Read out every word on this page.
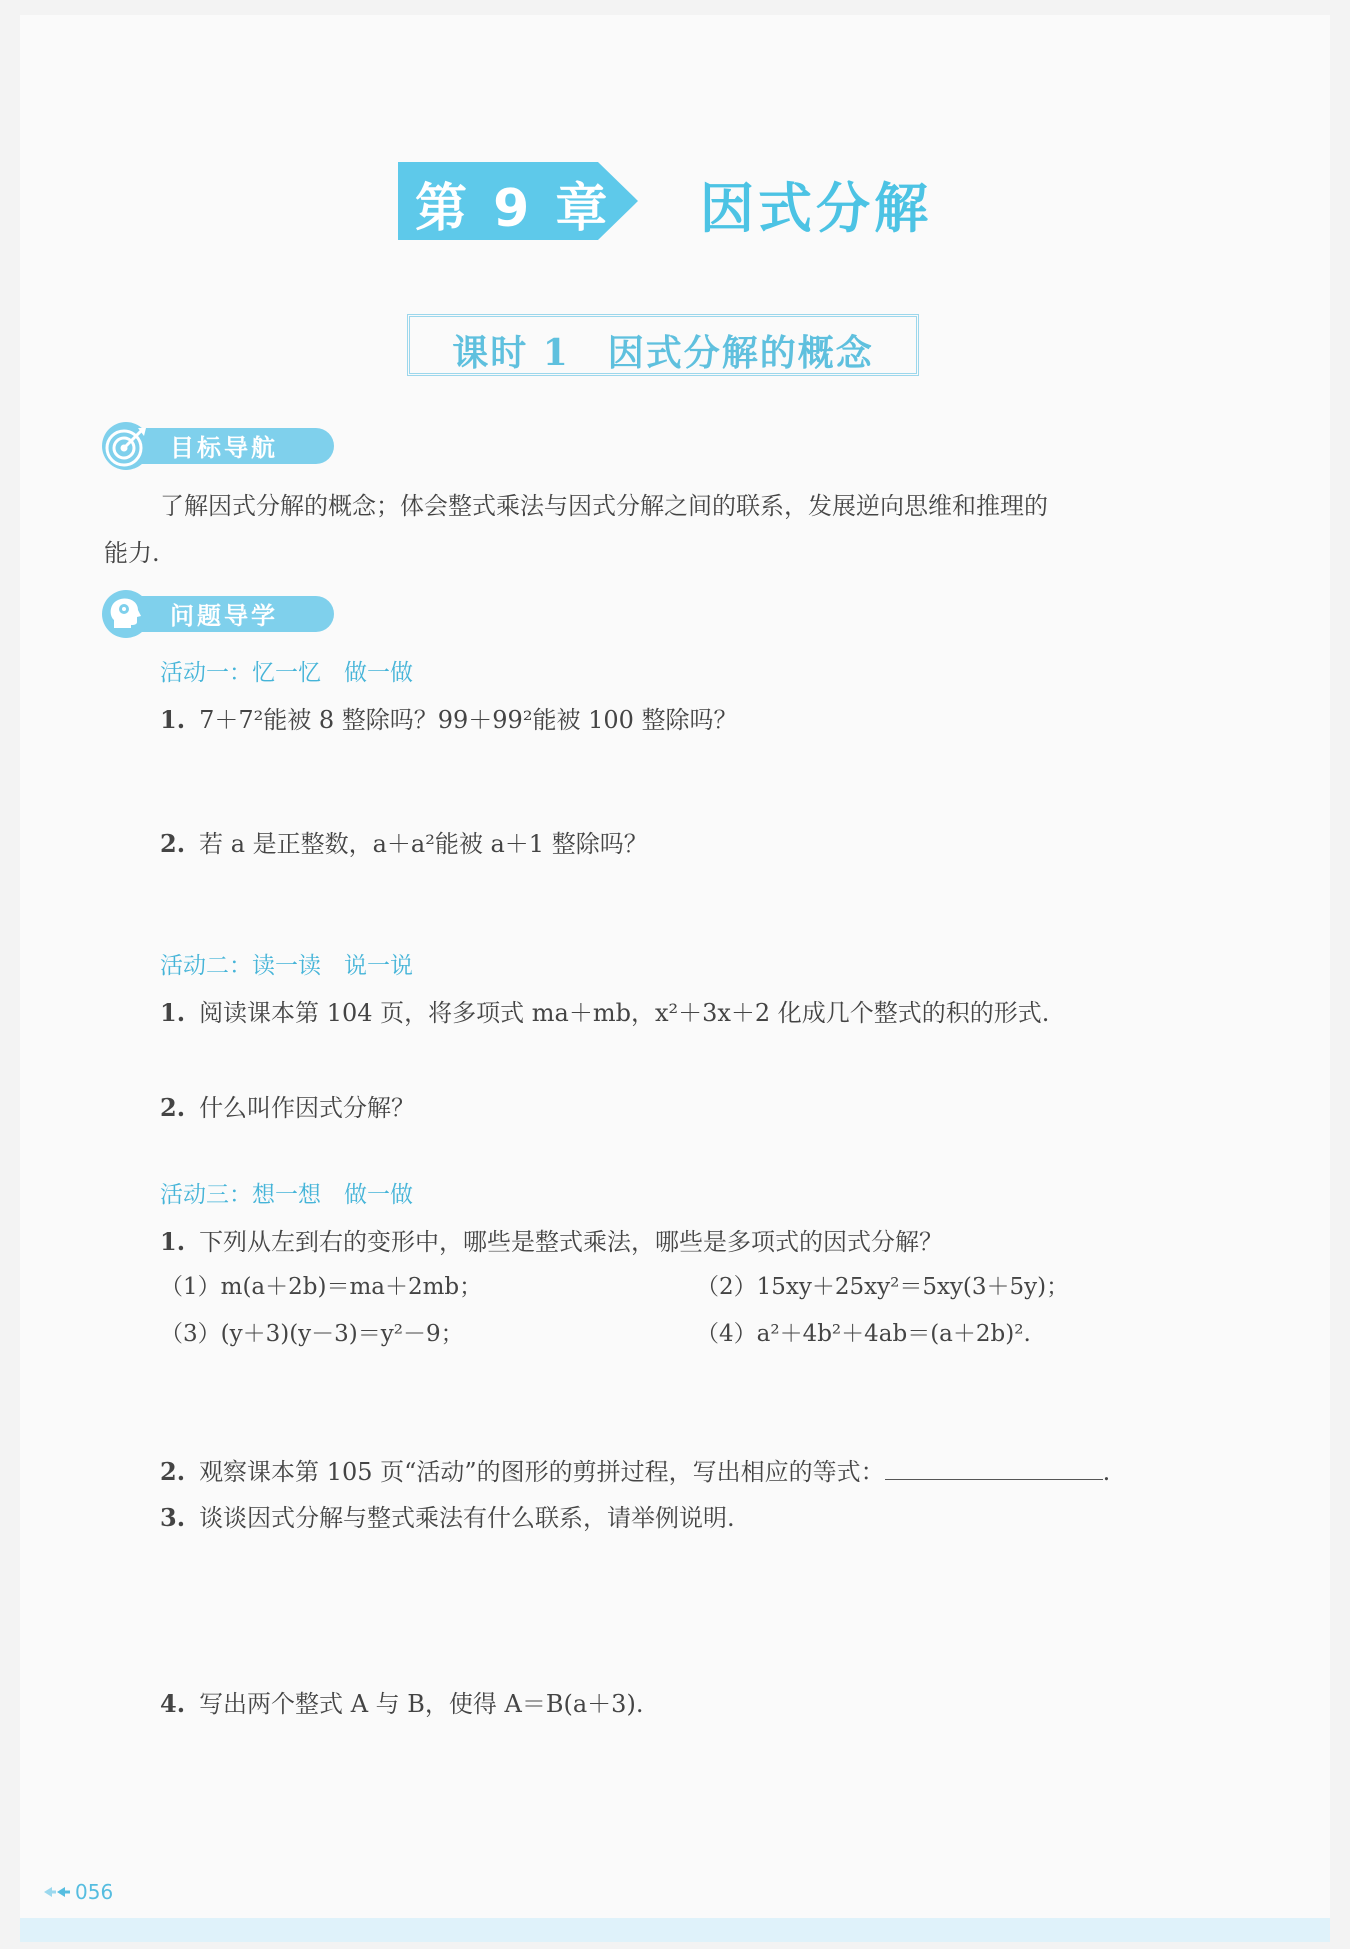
第 9 章 因式分解
课时 1　因式分解的概念
目标导航
了解因式分解的概念；体会整式乘法与因式分解之间的联系，发展逆向思维和推理的
能力.
问题导学
活动一：忆一忆　做一做
1. 7＋7²能被 8 整除吗？99＋99²能被 100 整除吗？
2. 若 a 是正整数，a＋a²能被 a＋1 整除吗？
活动二：读一读　说一说
1. 阅读课本第 104 页，将多项式 ma＋mb，x²＋3x＋2 化成几个整式的积的形式.
2. 什么叫作因式分解？
活动三：想一想　做一做
1. 下列从左到右的变形中，哪些是整式乘法，哪些是多项式的因式分解？
（1）m(a＋2b)＝ma＋2mb；	（2）15xy＋25xy²＝5xy(3＋5y)；
（3）(y＋3)(y－3)＝y²－9；	（4）a²＋4b²＋4ab＝(a＋2b)².
2. 观察课本第 105 页“活动”的图形的剪拼过程，写出相应的等式：	.
3. 谈谈因式分解与整式乘法有什么联系，请举例说明.
4. 写出两个整式 A 与 B，使得 A＝B(a＋3).
056
